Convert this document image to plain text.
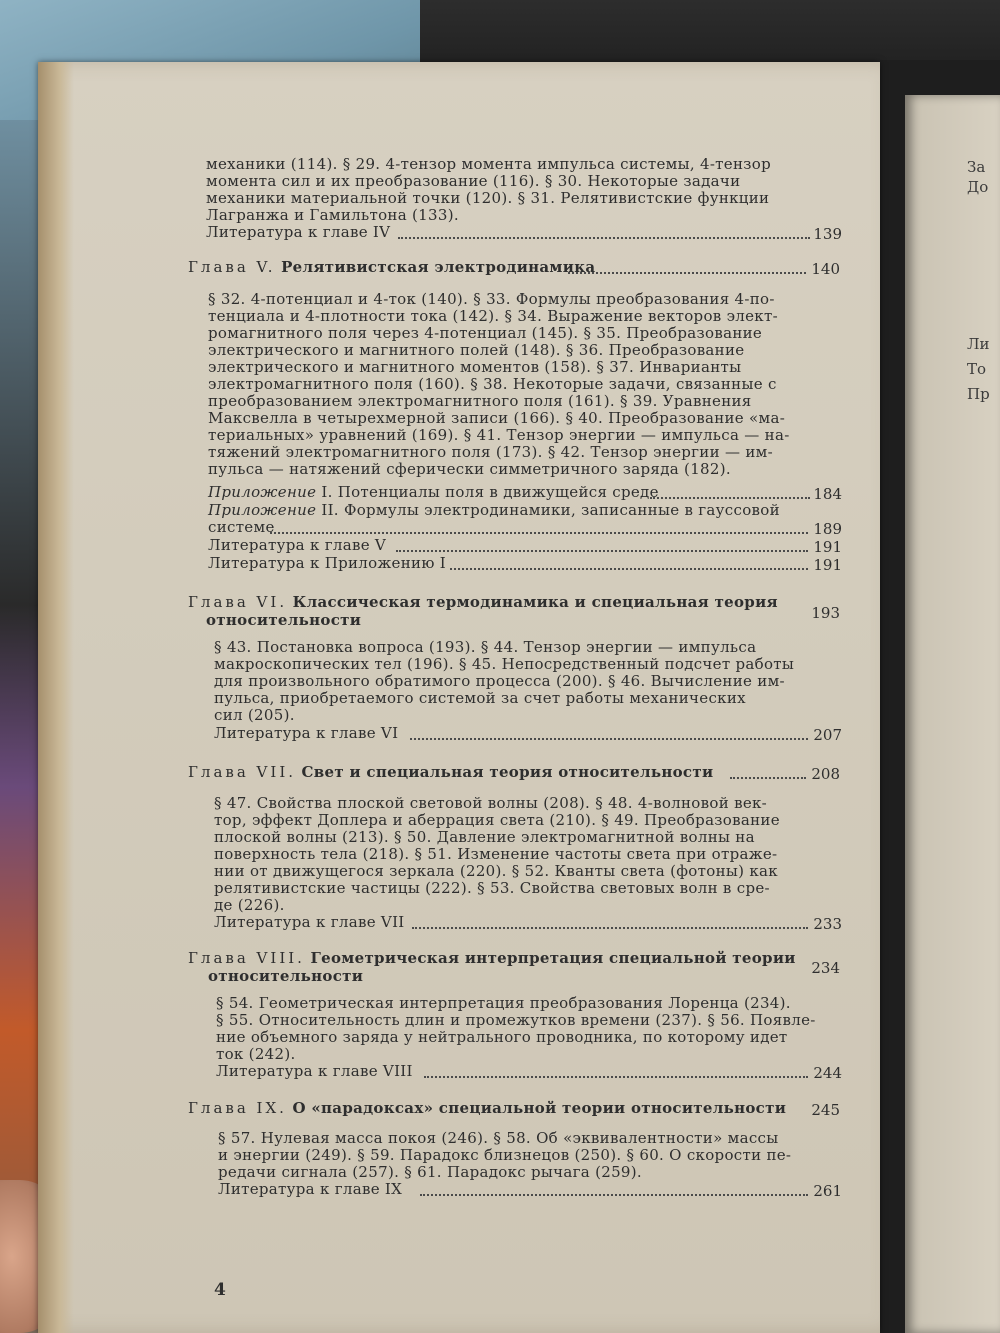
За
До
Ли
То
Пр
механики (114). § 29. 4-тензор момента импульса системы, 4-тензор
момента сил и их преобразование (116). § 30. Некоторые задачи
механики материальной точки (120). § 31. Релятивистские функции
Лагранжа и Гамильтона (133).
Литература к главе IV	139
Глава V. Релятивистская электродинамика	140
§ 32. 4-потенциал и 4-ток (140). § 33. Формулы преобразования 4-по-
тенциала и 4-плотности тока (142). § 34. Выражение векторов элект-
ромагнитного поля через 4-потенциал (145). § 35. Преобразование
электрического и магнитного полей (148). § 36. Преобразование
электрического и магнитного моментов (158). § 37. Инварианты
электромагнитного поля (160). § 38. Некоторые задачи, связанные с
преобразованием электромагнитного поля (161). § 39. Уравнения
Максвелла в четырехмерной записи (166). § 40. Преобразование «ма-
териальных» уравнений (169). § 41. Тензор энергии — импульса — на-
тяжений электромагнитного поля (173). § 42. Тензор энергии — им-
пульса — натяжений сферически симметричного заряда (182).
Приложение I. Потенциалы поля в движущейся среде	184
Приложение II. Формулы электродинамики, записанные в гауссовой
системе	189
Литература к главе V	191
Литература к Приложению I	191
Глава VI. Классическая термодинамика и специальная теория
относительности	193
§ 43. Постановка вопроса (193). § 44. Тензор энергии — импульса
макроскопических тел (196). § 45. Непосредственный подсчет работы
для произвольного обратимого процесса (200). § 46. Вычисление им-
пульса, приобретаемого системой за счет работы механических
сил (205).
Литература к главе VI	207
Глава VII. Свет и специальная теория относительности	208
§ 47. Свойства плоской световой волны (208). § 48. 4-волновой век-
тор, эффект Доплера и аберрация света (210). § 49. Преобразование
плоской волны (213). § 50. Давление электромагнитной волны на
поверхность тела (218). § 51. Изменение частоты света при отраже-
нии от движущегося зеркала (220). § 52. Кванты света (фотоны) как
релятивистские частицы (222). § 53. Свойства световых волн в сре-
де (226).
Литература к главе VII	233
Глава VIII. Геометрическая интерпретация специальной теории
относительности	234
§ 54. Геометрическая интерпретация преобразования Лоренца (234).
§ 55. Относительность длин и промежутков времени (237). § 56. Появле-
ние объемного заряда у нейтрального проводника, по которому идет
ток (242).
Литература к главе VIII	244
Глава IX. О «парадоксах» специальной теории относительности	245
§ 57. Нулевая масса покоя (246). § 58. Об «эквивалентности» массы
и энергии (249). § 59. Парадокс близнецов (250). § 60. О скорости пе-
редачи сигнала (257). § 61. Парадокс рычага (259).
Литература к главе IX	261
4
